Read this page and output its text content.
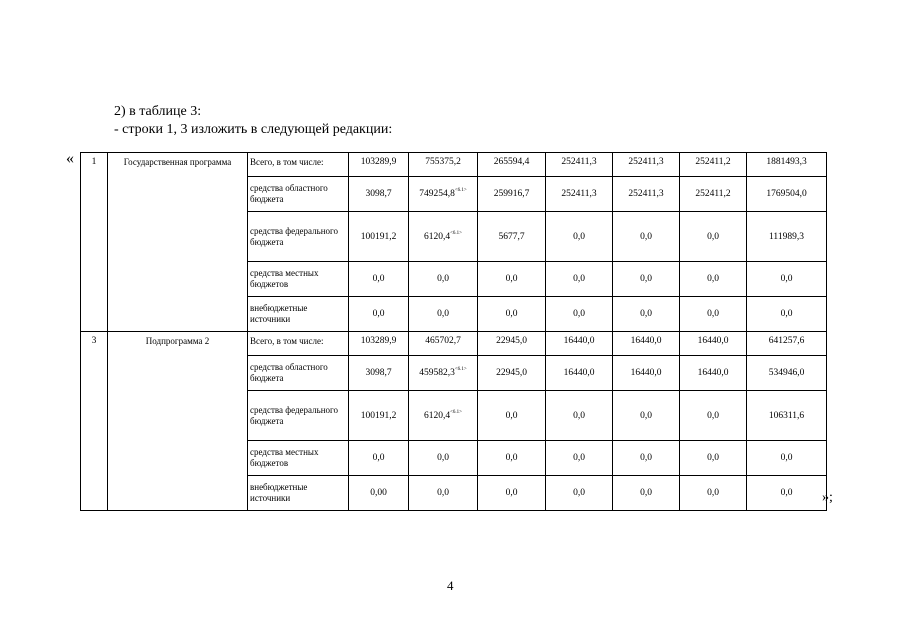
2) в таблице 3:
- строки 1, 3 изложить в следующей редакции:
« 1	Государственная программа	Всего, в том числе:	103289,9	755375,2	265594,4	252411,3	252411,3	252411,2	1881493,3
		средства областного бюджета	3098,7	749254,8$^{<6.1>}$	259916,7	252411,3	252411,3	252411,2	1769504,0
		средства федерального бюджета	100191,2	6120,4$^{<6.1>}$	5677,7	0,0	0,0	0,0	111989,3
		средства местных бюджетов	0,0	0,0	0,0	0,0	0,0	0,0	0,0
		внебюджетные источники	0,0	0,0	0,0	0,0	0,0	0,0	0,0
3	Подпрограмма 2	Всего, в том числе:	103289,9	465702,7	22945,0	16440,0	16440,0	16440,0	641257,6
		средства областного бюджета	3098,7	459582,3$^{<6.1>}$	22945,0	16440,0	16440,0	16440,0	534946,0
		средства федерального бюджета	100191,2	6120,4$^{<6.1>}$	0,0	0,0	0,0	0,0	106311,6
		средства местных бюджетов	0,0	0,0	0,0	0,0	0,0	0,0	0,0
		внебюджетные источники	0,00	0,0	0,0	0,0	0,0	0,0	0,0 »;
4
